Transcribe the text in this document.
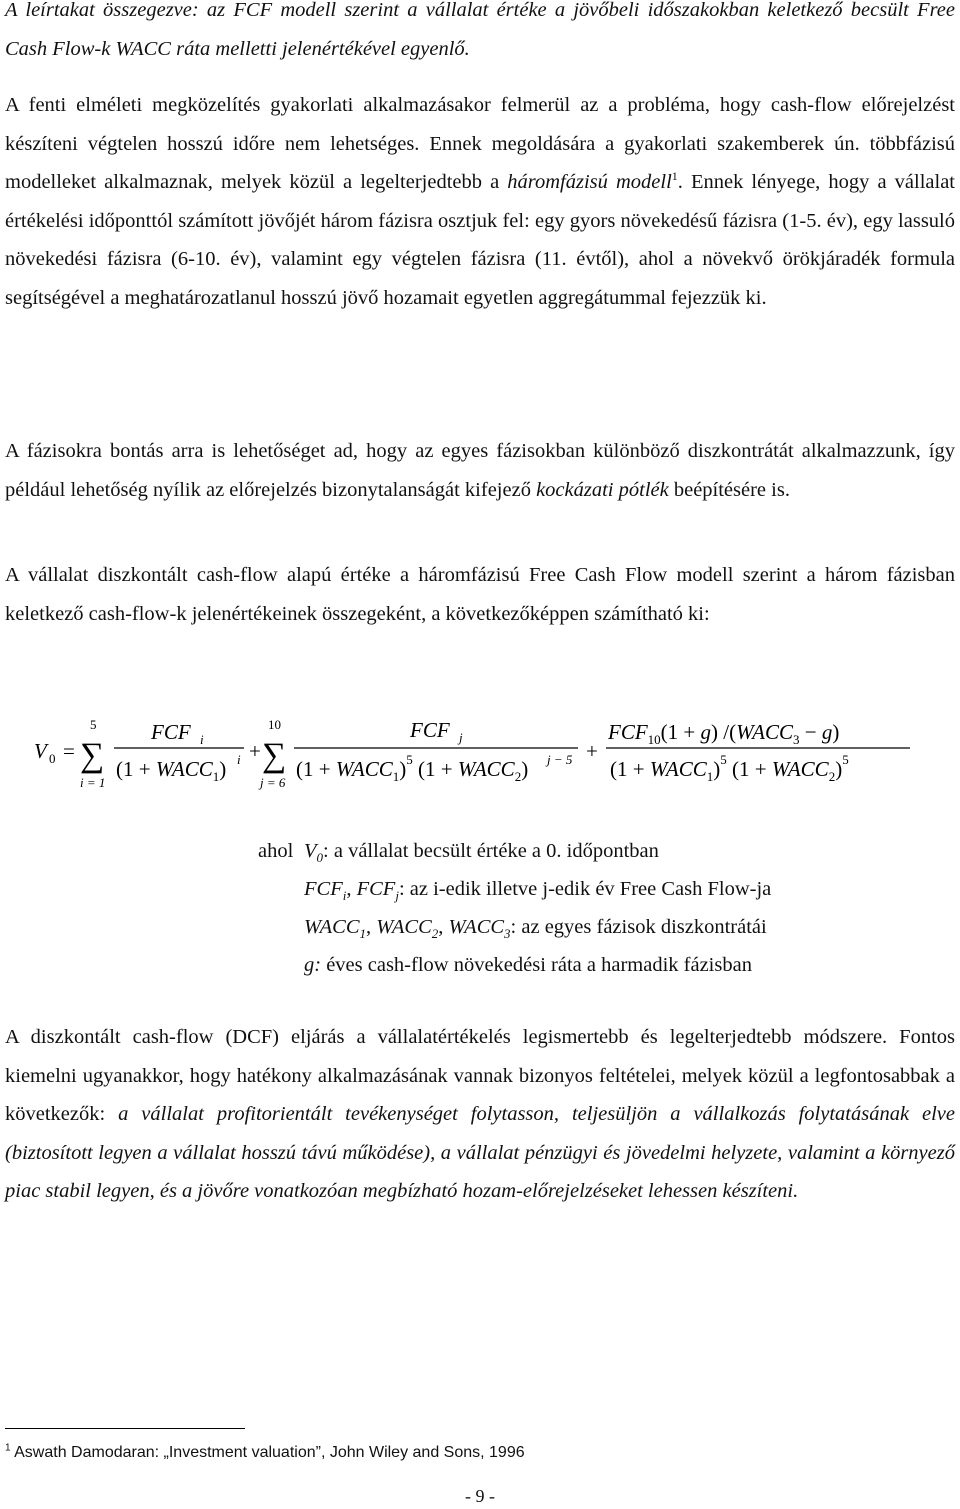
A leírtakat összegezve: az FCF modell szerint a vállalat értéke a jövőbeli időszakokban keletkező becsült Free Cash Flow-k WACC ráta melletti jelenértékével egyenlő.

A fenti elméleti megközelítés gyakorlati alkalmazásakor felmerül az a probléma, hogy cash-flow előrejelzést készíteni végtelen hosszú időre nem lehetséges. Ennek megoldására a gyakorlati szakemberek ún. többfázisú modelleket alkalmaznak, melyek közül a legelterjedtebb a háromfázisú modell$^1$. Ennek lényege, hogy a vállalat értékelési időponttól számított jövőjét három fázisra osztjuk fel: egy gyors növekedésű fázisra (1-5. év), egy lassuló növekedési fázisra (6-10. év), valamint egy végtelen fázisra (11. évtől), ahol a növekvő örökjáradék formula segítségével a meghatározatlanul hosszú jövő hozamait egyetlen aggregátummal fejezzük ki.

A fázisokra bontás arra is lehetőséget ad, hogy az egyes fázisokban különböző diszkontrátát alkalmazzunk, így például lehetőség nyílik az előrejelzés bizonytalanságát kifejező kockázati pótlék beépítésére is.

A vállalat diszkontált cash-flow alapú értéke a háromfázisú Free Cash Flow modell szerint a három fázisban keletkező cash-flow-k jelenértékeinek összegeként, a következőképpen számítható ki:

V 0 =
5
∑
i = 1
FCF i
$(1 + WACC_1)$ i +
10
∑
j = 6
FCF j
$(1 + WACC_1)^5$ $(1 + WACC_2)$ j − 5 +
$FCF_{10}(1 + g)$ $/(WACC_3 - g)$
$(1 + WACC_1)^5$ $(1 + WACC_2)^5$
ahol $V_0$: a vállalat becsült értéke a 0. időpontban
$FCF_i$, $FCF_j$: az i-edik illetve j-edik év Free Cash Flow-ja
$WACC_1$, $WACC_2$, $WACC_3$: az egyes fázisok diszkontrátái
g: éves cash-flow növekedési ráta a harmadik fázisban

A diszkontált cash-flow (DCF) eljárás a vállalatértékelés legismertebb és legelterjedtebb módszere. Fontos kiemelni ugyanakkor, hogy hatékony alkalmazásának vannak bizonyos feltételei, melyek közül a legfontosabbak a következők: a vállalat profitorientált tevékenységet folytasson, teljesüljön a vállalkozás folytatásának elve (biztosított legyen a vállalat hosszú távú működése), a vállalat pénzügyi és jövedelmi helyzete, valamint a környező piac stabil legyen, és a jövőre vonatkozóan megbízható hozam-előrejelzéseket lehessen készíteni.

$^1$ Aswath Damodaran: „Investment valuation”, John Wiley and Sons, 1996
- 9 -
